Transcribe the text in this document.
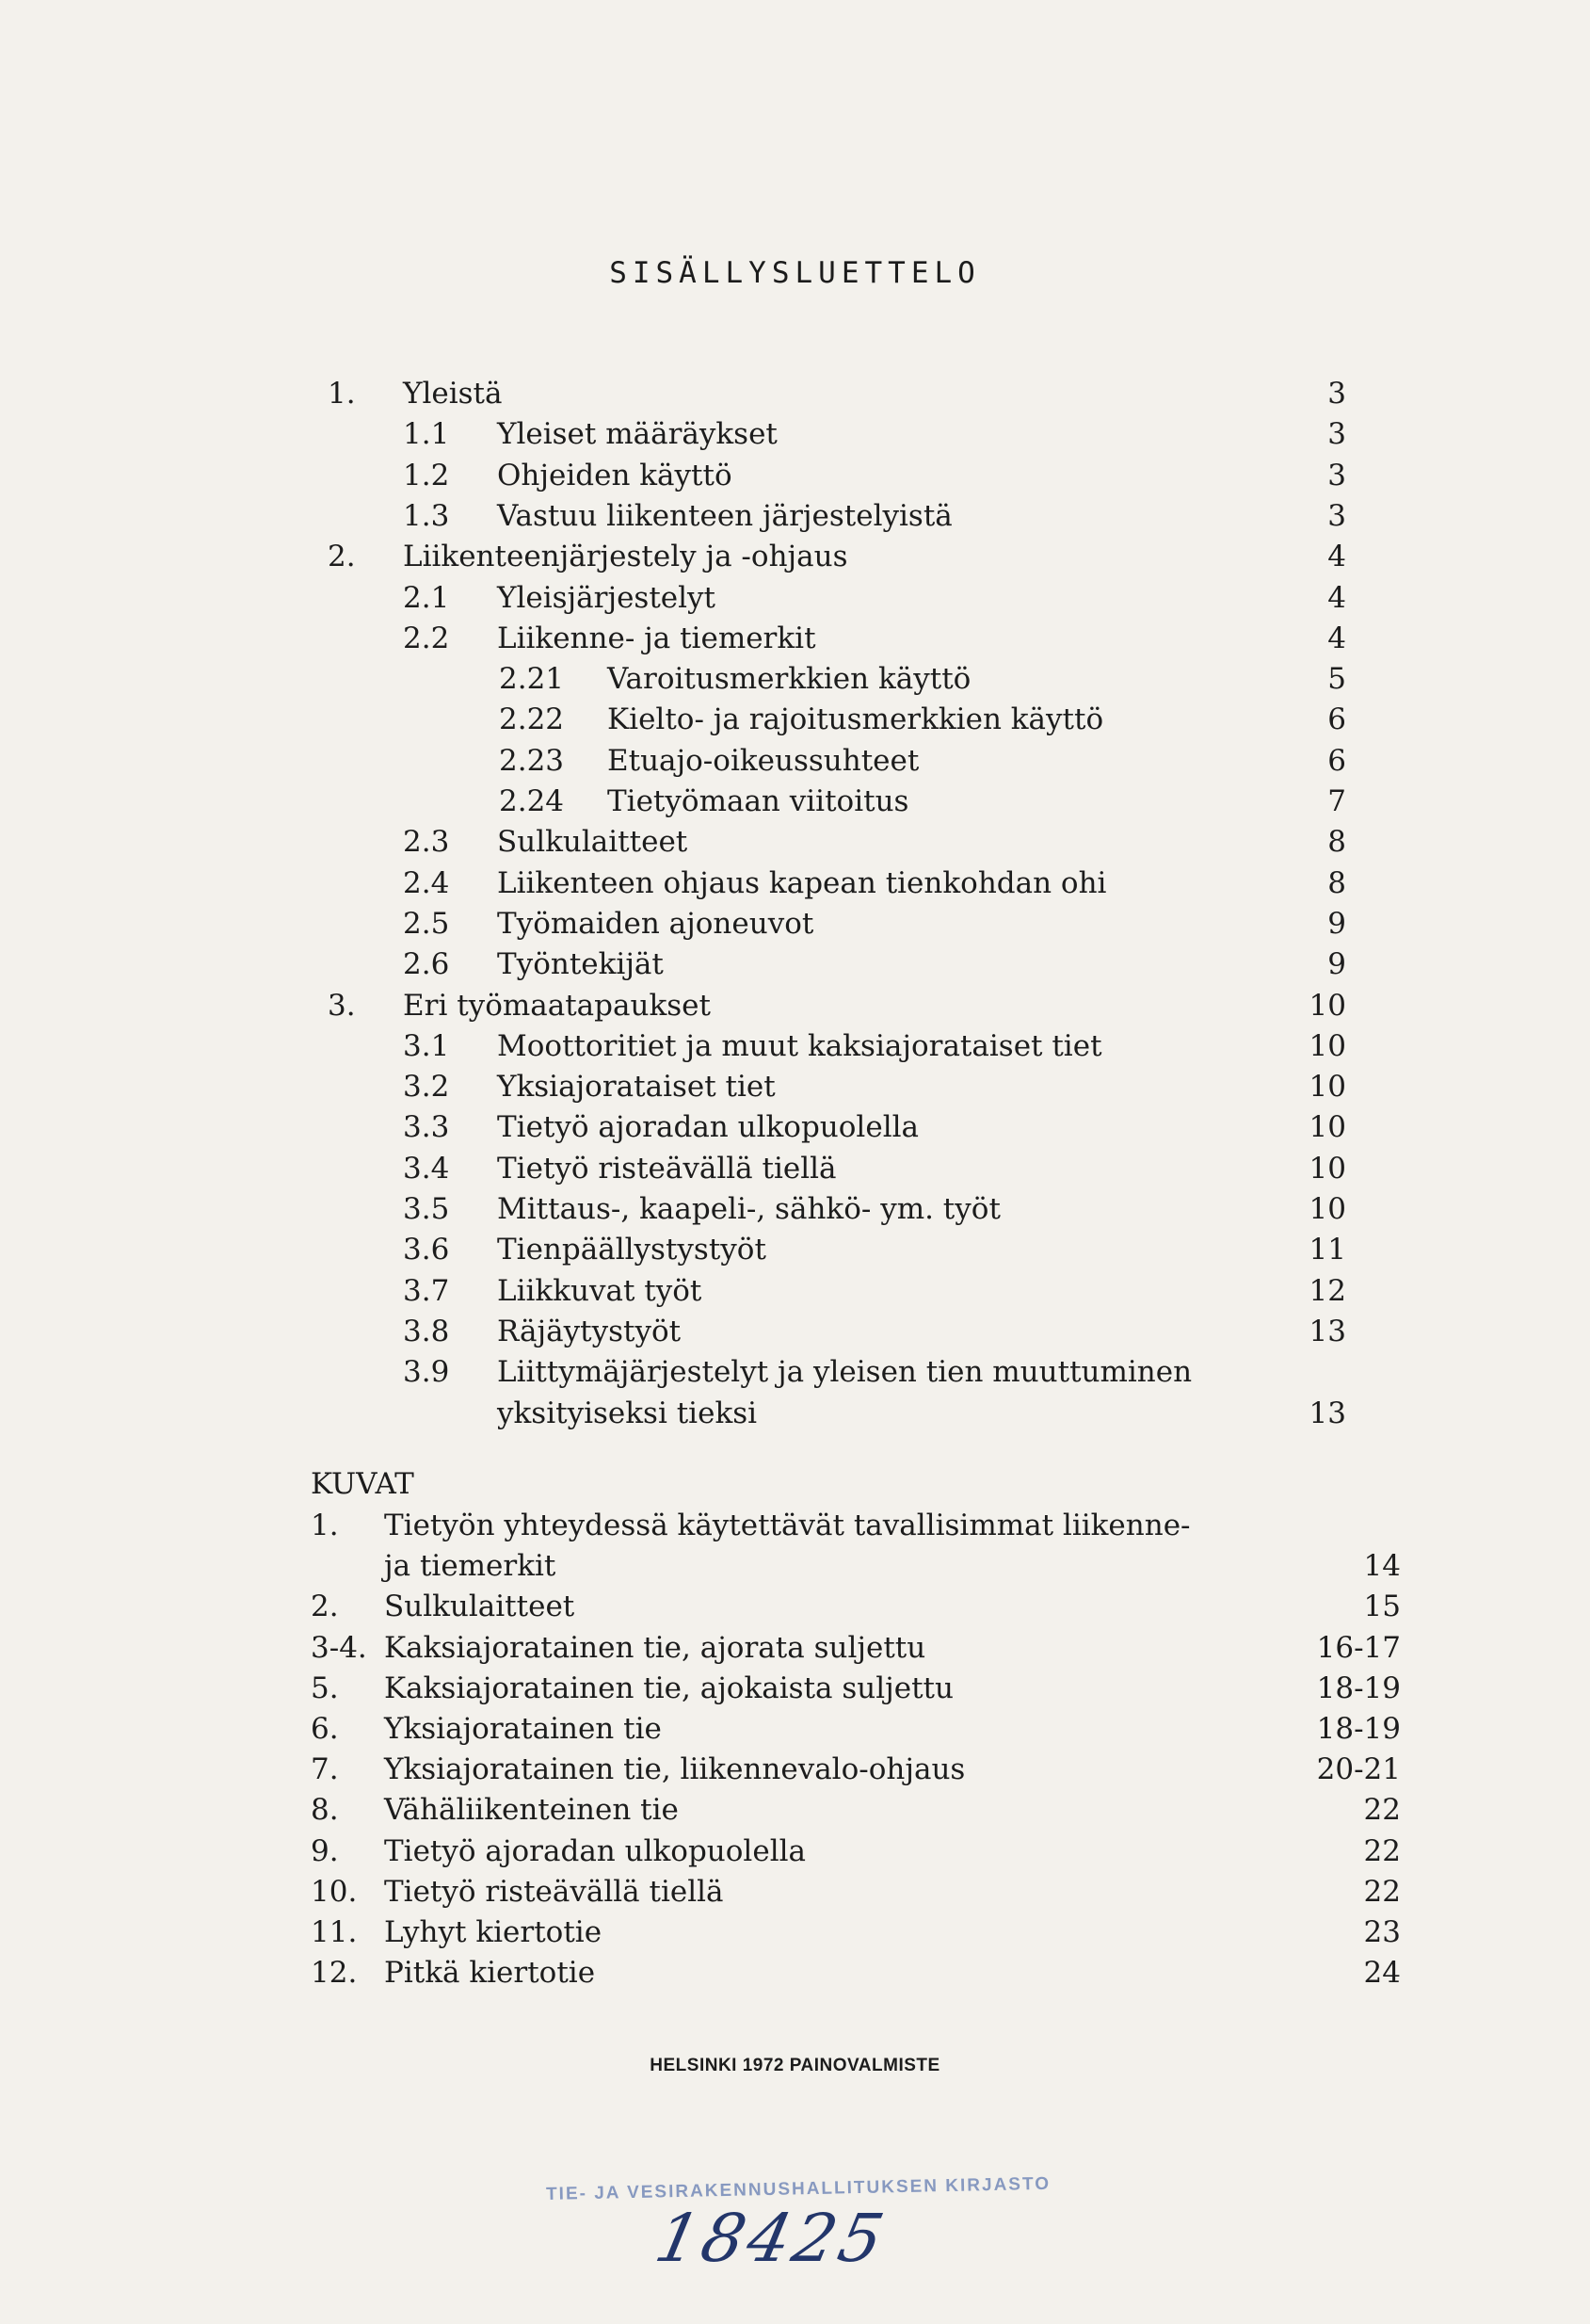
SISÄLLYSLUETTELO
1. Yleistä	3
1.1 Yleiset määräykset	3
1.2 Ohjeiden käyttö	3
1.3 Vastuu liikenteen järjestelyistä	3
2. Liikenteenjärjestely ja -ohjaus	4
2.1 Yleisjärjestelyt	4
2.2 Liikenne- ja tiemerkit	4
2.21 Varoitusmerkkien käyttö	5
2.22 Kielto- ja rajoitusmerkkien käyttö	6
2.23 Etuajo-oikeussuhteet	6
2.24 Tietyömaan viitoitus	7
2.3 Sulkulaitteet	8
2.4 Liikenteen ohjaus kapean tienkohdan ohi	8
2.5 Työmaiden ajoneuvot	9
2.6 Työntekijät	9
3. Eri työmaatapaukset	10
3.1 Moottoritiet ja muut kaksiajorataiset tiet	10
3.2 Yksiajorataiset tiet	10
3.3 Tietyö ajoradan ulkopuolella	10
3.4 Tietyö risteävällä tiellä	10
3.5 Mittaus-, kaapeli-, sähkö- ym. työt	10
3.6 Tienpäällystystyöt	11
3.7 Liikkuvat työt	12
3.8 Räjäytystyöt	13
3.9 Liittymäjärjestelyt ja yleisen tien muuttuminen
yksityiseksi tieksi	13
KUVAT
1. Tietyön yhteydessä käytettävät tavallisimmat liikenne-
ja tiemerkit	14
2. Sulkulaitteet	15
3-4. Kaksiajoratainen tie, ajorata suljettu	16-17
5. Kaksiajoratainen tie, ajokaista suljettu	18-19
6. Yksiajoratainen tie	18-19
7. Yksiajoratainen tie, liikennevalo-ohjaus	20-21
8. Vähäliikenteinen tie	22
9. Tietyö ajoradan ulkopuolella	22
10. Tietyö risteävällä tiellä	22
11. Lyhyt kiertotie	23
12. Pitkä kiertotie	24
HELSINKI 1972 PAINOVALMISTE
TIE- JA VESIRAKENNUSHALLITUKSEN KIRJASTO
18425
